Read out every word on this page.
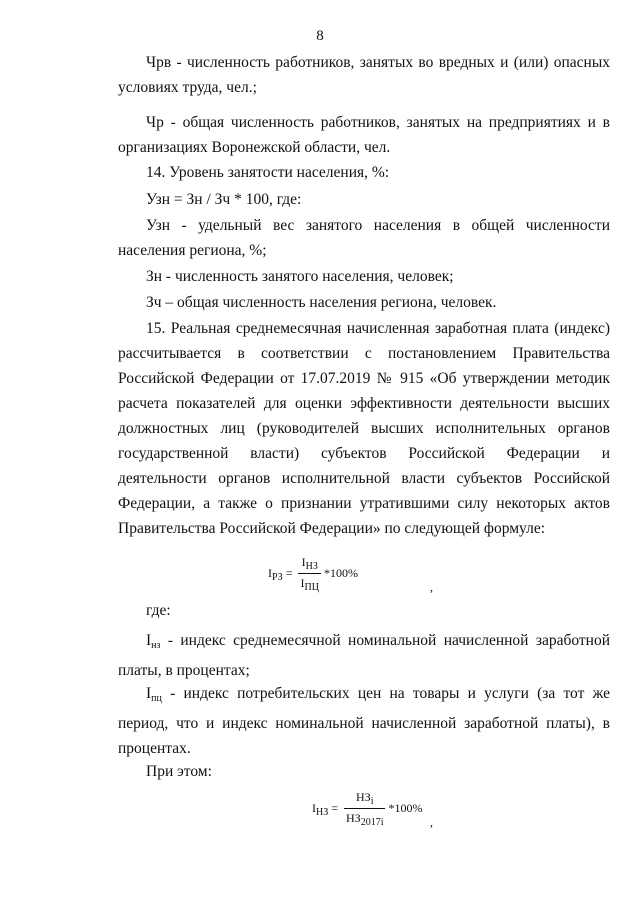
8

Чрв - численность работников, занятых во вредных и (или) опасных условиях труда, чел.;

Чр - общая численность работников, занятых на предприятиях и в организациях Воронежской области, чел.

14. Уровень занятости населения, %:

Узн = Зн / Зч * 100, где:

Узн - удельный вес занятого населения в общей численности населения региона, %;

Зн - численность занятого населения, человек;

Зч – общая численность населения региона, человек.

15. Реальная среднемесячная начисленная заработная плата (индекс) рассчитывается в соответствии с постановлением Правительства Российской Федерации от 17.07.2019 № 915 «Об утверждении методик расчета показателей для оценки эффективности деятельности высших должностных лиц (руководителей высших исполнительных органов государственной власти) субъектов Российской Федерации и деятельности органов исполнительной власти субъектов Российской Федерации, а также о признании утратившими силу некоторых актов Правительства Российской Федерации» по следующей формуле:

$I_{РЗ} = \frac{I_{НЗ}}{I_{ПЦ}} *100\%$
,

где:

$I_{нз}$ - индекс среднемесячной номинальной начисленной заработной платы, в процентах;

$I_{пц}$ - индекс потребительских цен на товары и услуги (за тот же период, что и индекс номинальной начисленной заработной платы), в процентах.

При этом:

$I_{НЗ} = \frac{НЗ_i}{НЗ_{2017i}} *100\%$
,
